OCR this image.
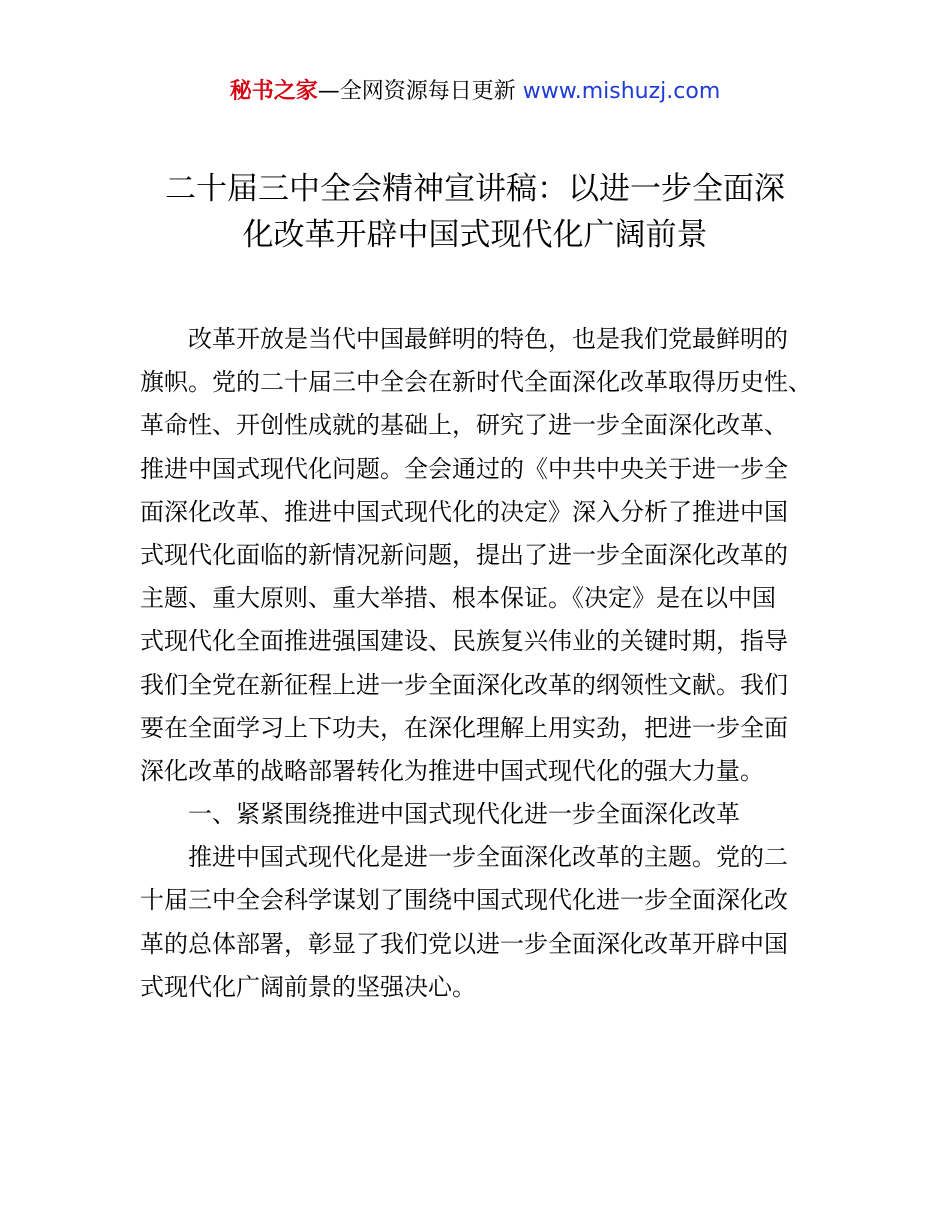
秘书之家—全网资源每日更新 www.mishuzj.com
二十届三中全会精神宣讲稿：以进一步全面深
化改革开辟中国式现代化广阔前景
改革开放是当代中国最鲜明的特色，也是我们党最鲜明的
旗帜。党的二十届三中全会在新时代全面深化改革取得历史性、
革命性、开创性成就的基础上，研究了进一步全面深化改革、
推进中国式现代化问题。全会通过的《中共中央关于进一步全
面深化改革、推进中国式现代化的决定》深入分析了推进中国
式现代化面临的新情况新问题，提出了进一步全面深化改革的
主题、重大原则、重大举措、根本保证。《决定》是在以中国
式现代化全面推进强国建设、民族复兴伟业的关键时期，指导
我们全党在新征程上进一步全面深化改革的纲领性文献。我们
要在全面学习上下功夫，在深化理解上用实劲，把进一步全面
深化改革的战略部署转化为推进中国式现代化的强大力量。
一、紧紧围绕推进中国式现代化进一步全面深化改革
推进中国式现代化是进一步全面深化改革的主题。党的二
十届三中全会科学谋划了围绕中国式现代化进一步全面深化改
革的总体部署，彰显了我们党以进一步全面深化改革开辟中国
式现代化广阔前景的坚强决心。
